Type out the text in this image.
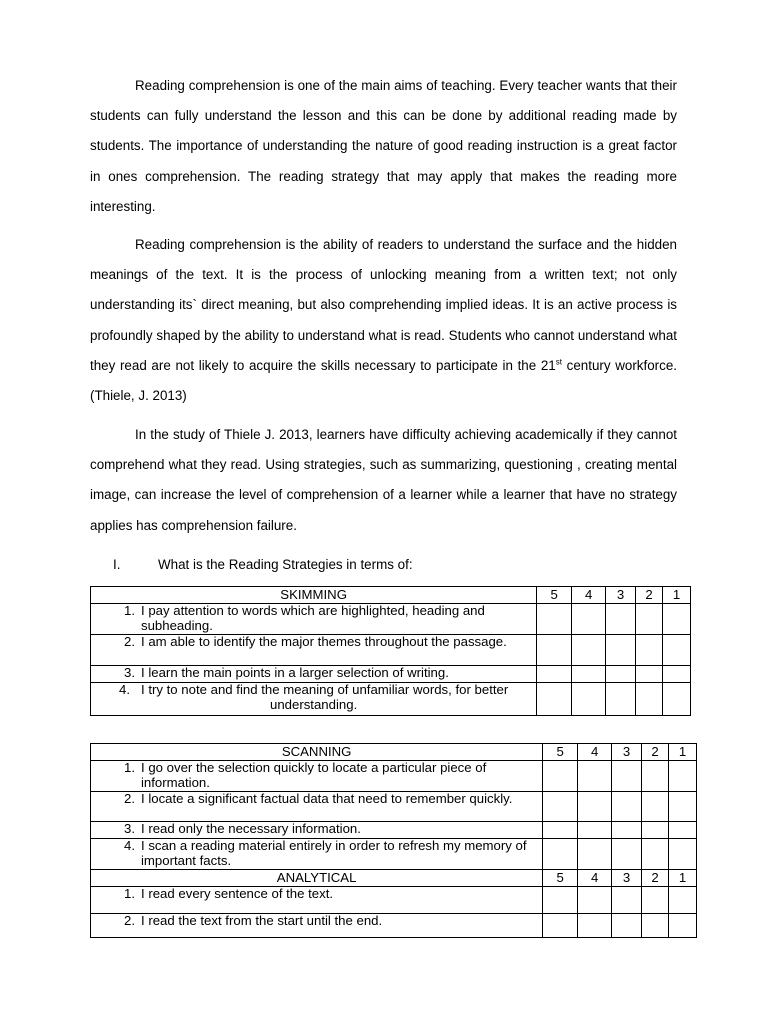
Reading comprehension is one of the main aims of teaching. Every teacher wants that their students can fully understand the lesson and this can be done by additional reading made by students. The importance of understanding the nature of good reading instruction is a great factor in ones comprehension. The reading strategy that may apply that makes the reading more interesting.

Reading comprehension is the ability of readers to understand the surface and the hidden meanings of the text. It is the process of unlocking meaning from a written text; not only understanding its` direct meaning, but also comprehending implied ideas. It is an active process is profoundly shaped by the ability to understand what is read. Students who cannot understand what they read are not likely to acquire the skills necessary to participate in the 21st century workforce. (Thiele, J. 2013)

In the study of Thiele J. 2013, learners have difficulty achieving academically if they cannot comprehend what they read. Using strategies, such as summarizing, questioning , creating mental image, can increase the level of comprehension of a learner while a learner that have no strategy applies has comprehension failure.

I.	What is the Reading Strategies in terms of:
SKIMMING	5	4	3	2	1

1. I pay attention to words which are highlighted, heading and subheading.					

2. I am able to identify the major themes throughout the passage.					

3. I learn the main points in a larger selection of writing.					

4. I try to note and find the meaning of unfamiliar words, for better understanding.					

SCANNING	5	4	3	2	1

1. I go over the selection quickly to locate a particular piece of information.					

2. I locate a significant factual data that need to remember quickly.					

3. I read only the necessary information.					

4. I scan a reading material entirely in order to refresh my memory of important facts.					

ANALYTICAL	5	4	3	2	1

1. I read every sentence of the text.					

2. I read the text from the start until the end.					
